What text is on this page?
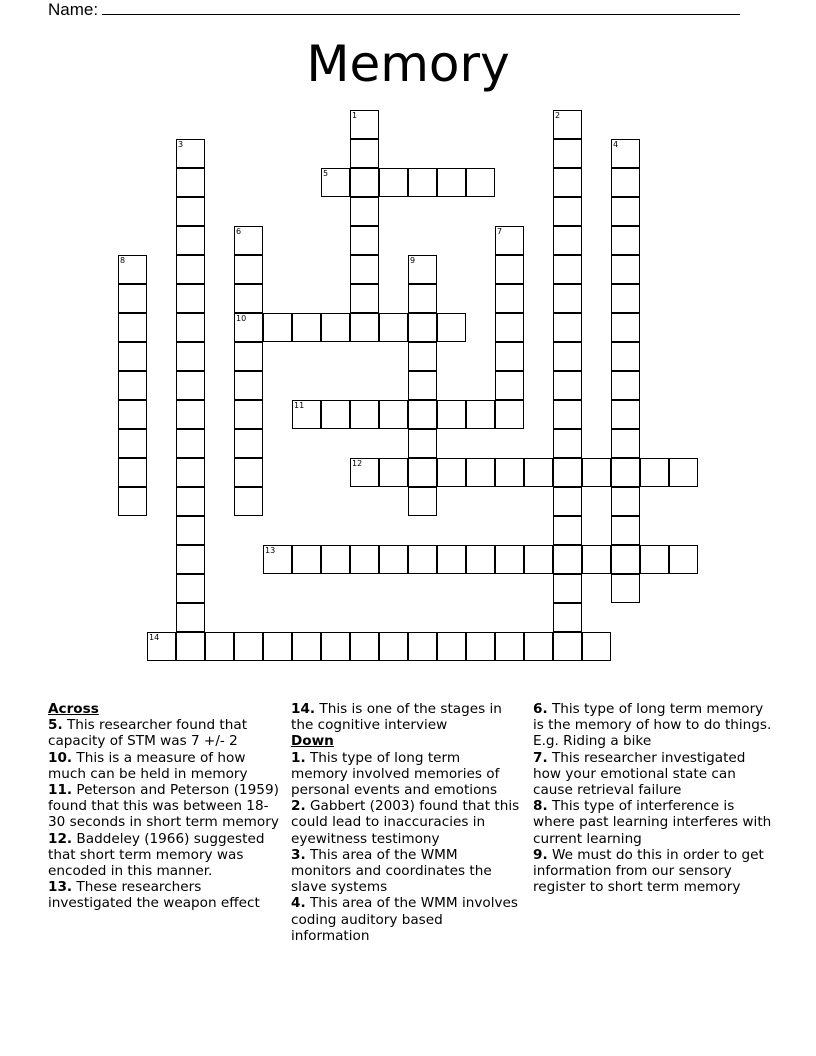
Name:
Memory
1	2
3	4
5
6
10
7
8	9
11
12
13
14
Across
5. This researcher found that capacity of STM was 7 +/- 2
10. This is a measure of how much can be held in memory
11. Peterson and Peterson (1959) found that this was between 18-30 seconds in short term memory
12. Baddeley (1966) suggested that short term memory was encoded in this manner.
13. These researchers investigated the weapon effect
14. This is one of the stages in the cognitive interview
Down
1. This type of long term memory involved memories of personal events and emotions
2. Gabbert (2003) found that this could lead to inaccuracies in eyewitness testimony
3. This area of the WMM monitors and coordinates the slave systems
4. This area of the WMM involves coding auditory based information
6. This type of long term memory is the memory of how to do things. E.g. Riding a bike
7. This researcher investigated how your emotional state can cause retrieval failure
8. This type of interference is where past learning interferes with current learning
9. We must do this in order to get information from our sensory register to short term memory
